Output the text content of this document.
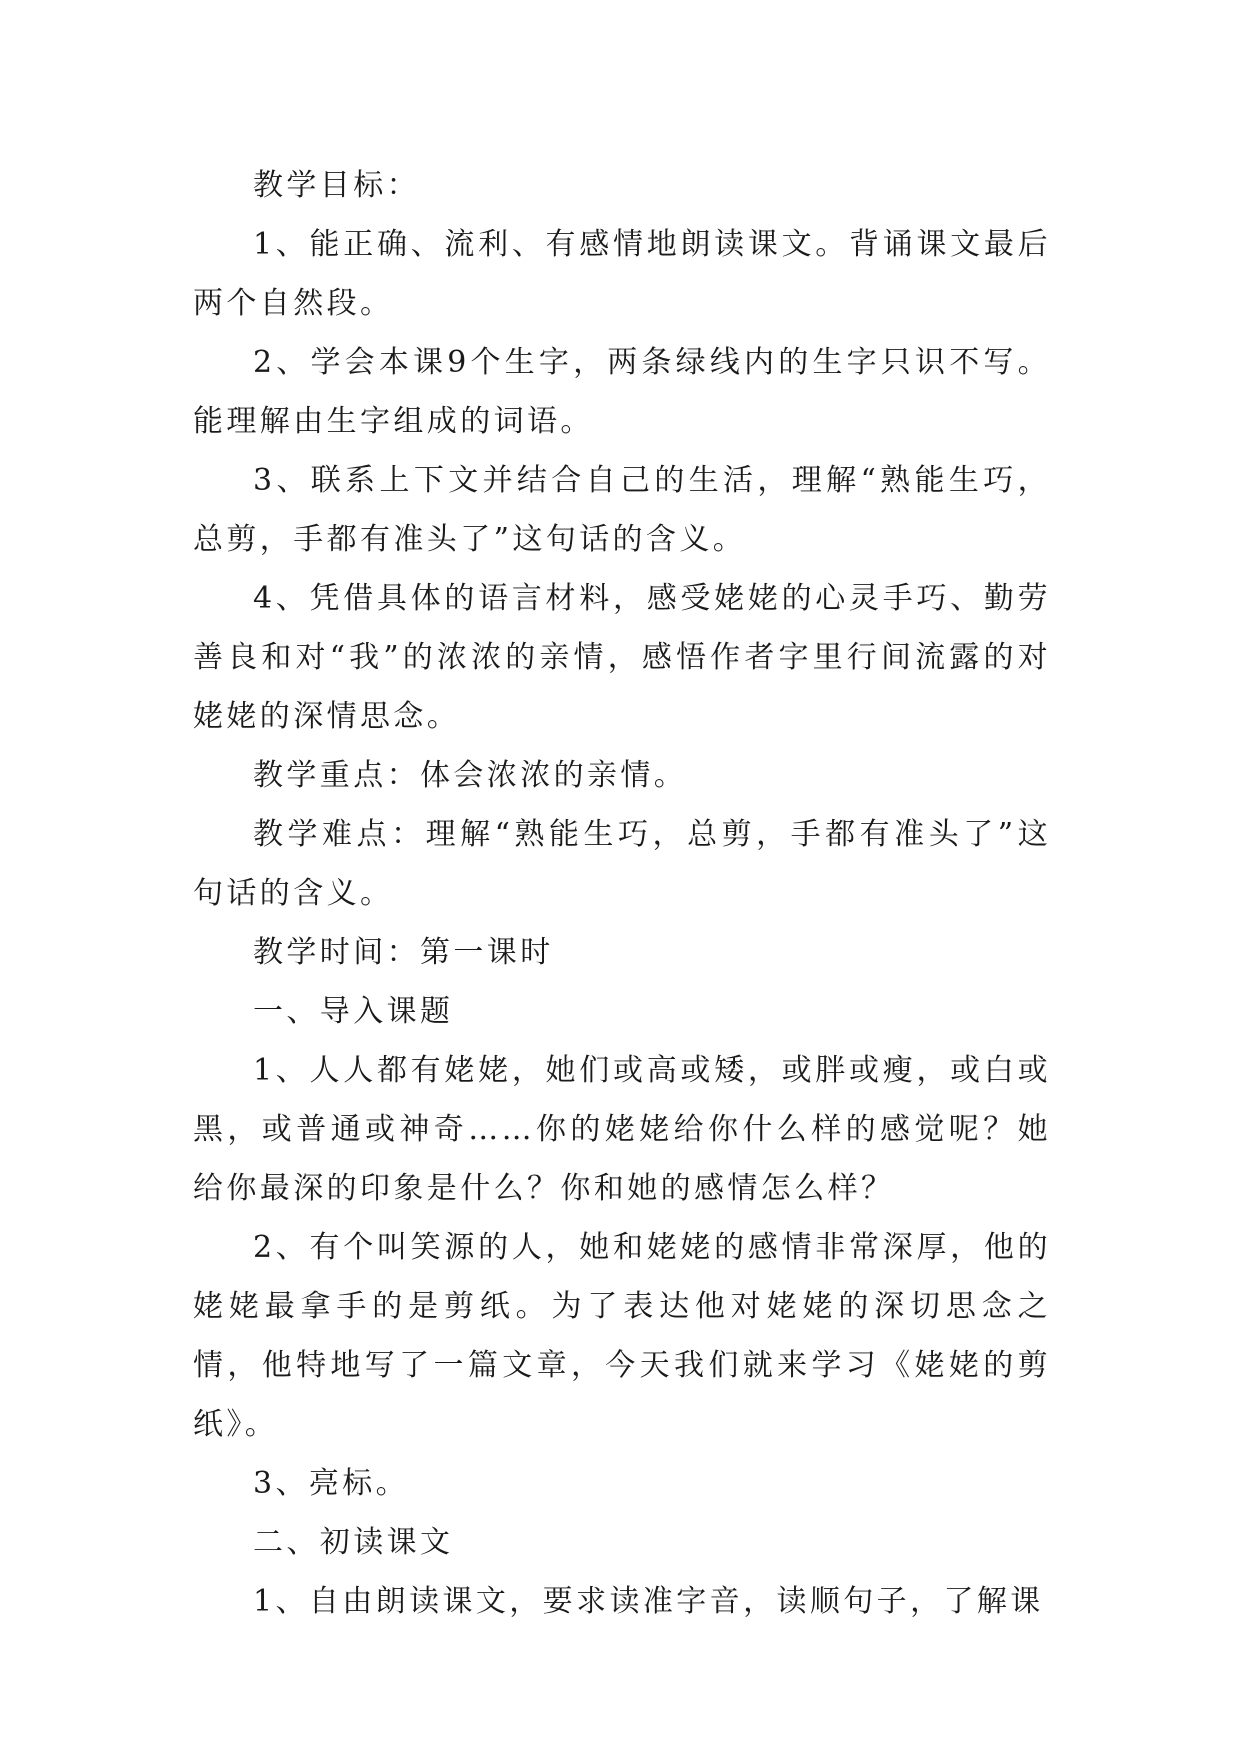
教学目标：

1、能正确、流利、有感情地朗读课文。背诵课文最后两个自然段。

2、学会本课9个生字，两条绿线内的生字只识不写。能理解由生字组成的词语。

3、联系上下文并结合自己的生活，理解“熟能生巧，总剪，手都有准头了”这句话的含义。

4、凭借具体的语言材料，感受姥姥的心灵手巧、勤劳善良和对“我”的浓浓的亲情，感悟作者字里行间流露的对姥姥的深情思念。

教学重点：体会浓浓的亲情。

教学难点：理解“熟能生巧，总剪，手都有准头了”这句话的含义。

教学时间：第一课时

一、导入课题

1、人人都有姥姥，她们或高或矮，或胖或瘦，或白或黑，或普通或神奇……你的姥姥给你什么样的感觉呢？她给你最深的印象是什么？你和她的感情怎么样？

2、有个叫笑源的人，她和姥姥的感情非常深厚，他的姥姥最拿手的是剪纸。为了表达他对姥姥的深切思念之情，他特地写了一篇文章，今天我们就来学习《姥姥的剪纸》。

3、亮标。

二、初读课文

1、自由朗读课文，要求读准字音，读顺句子，了解课
